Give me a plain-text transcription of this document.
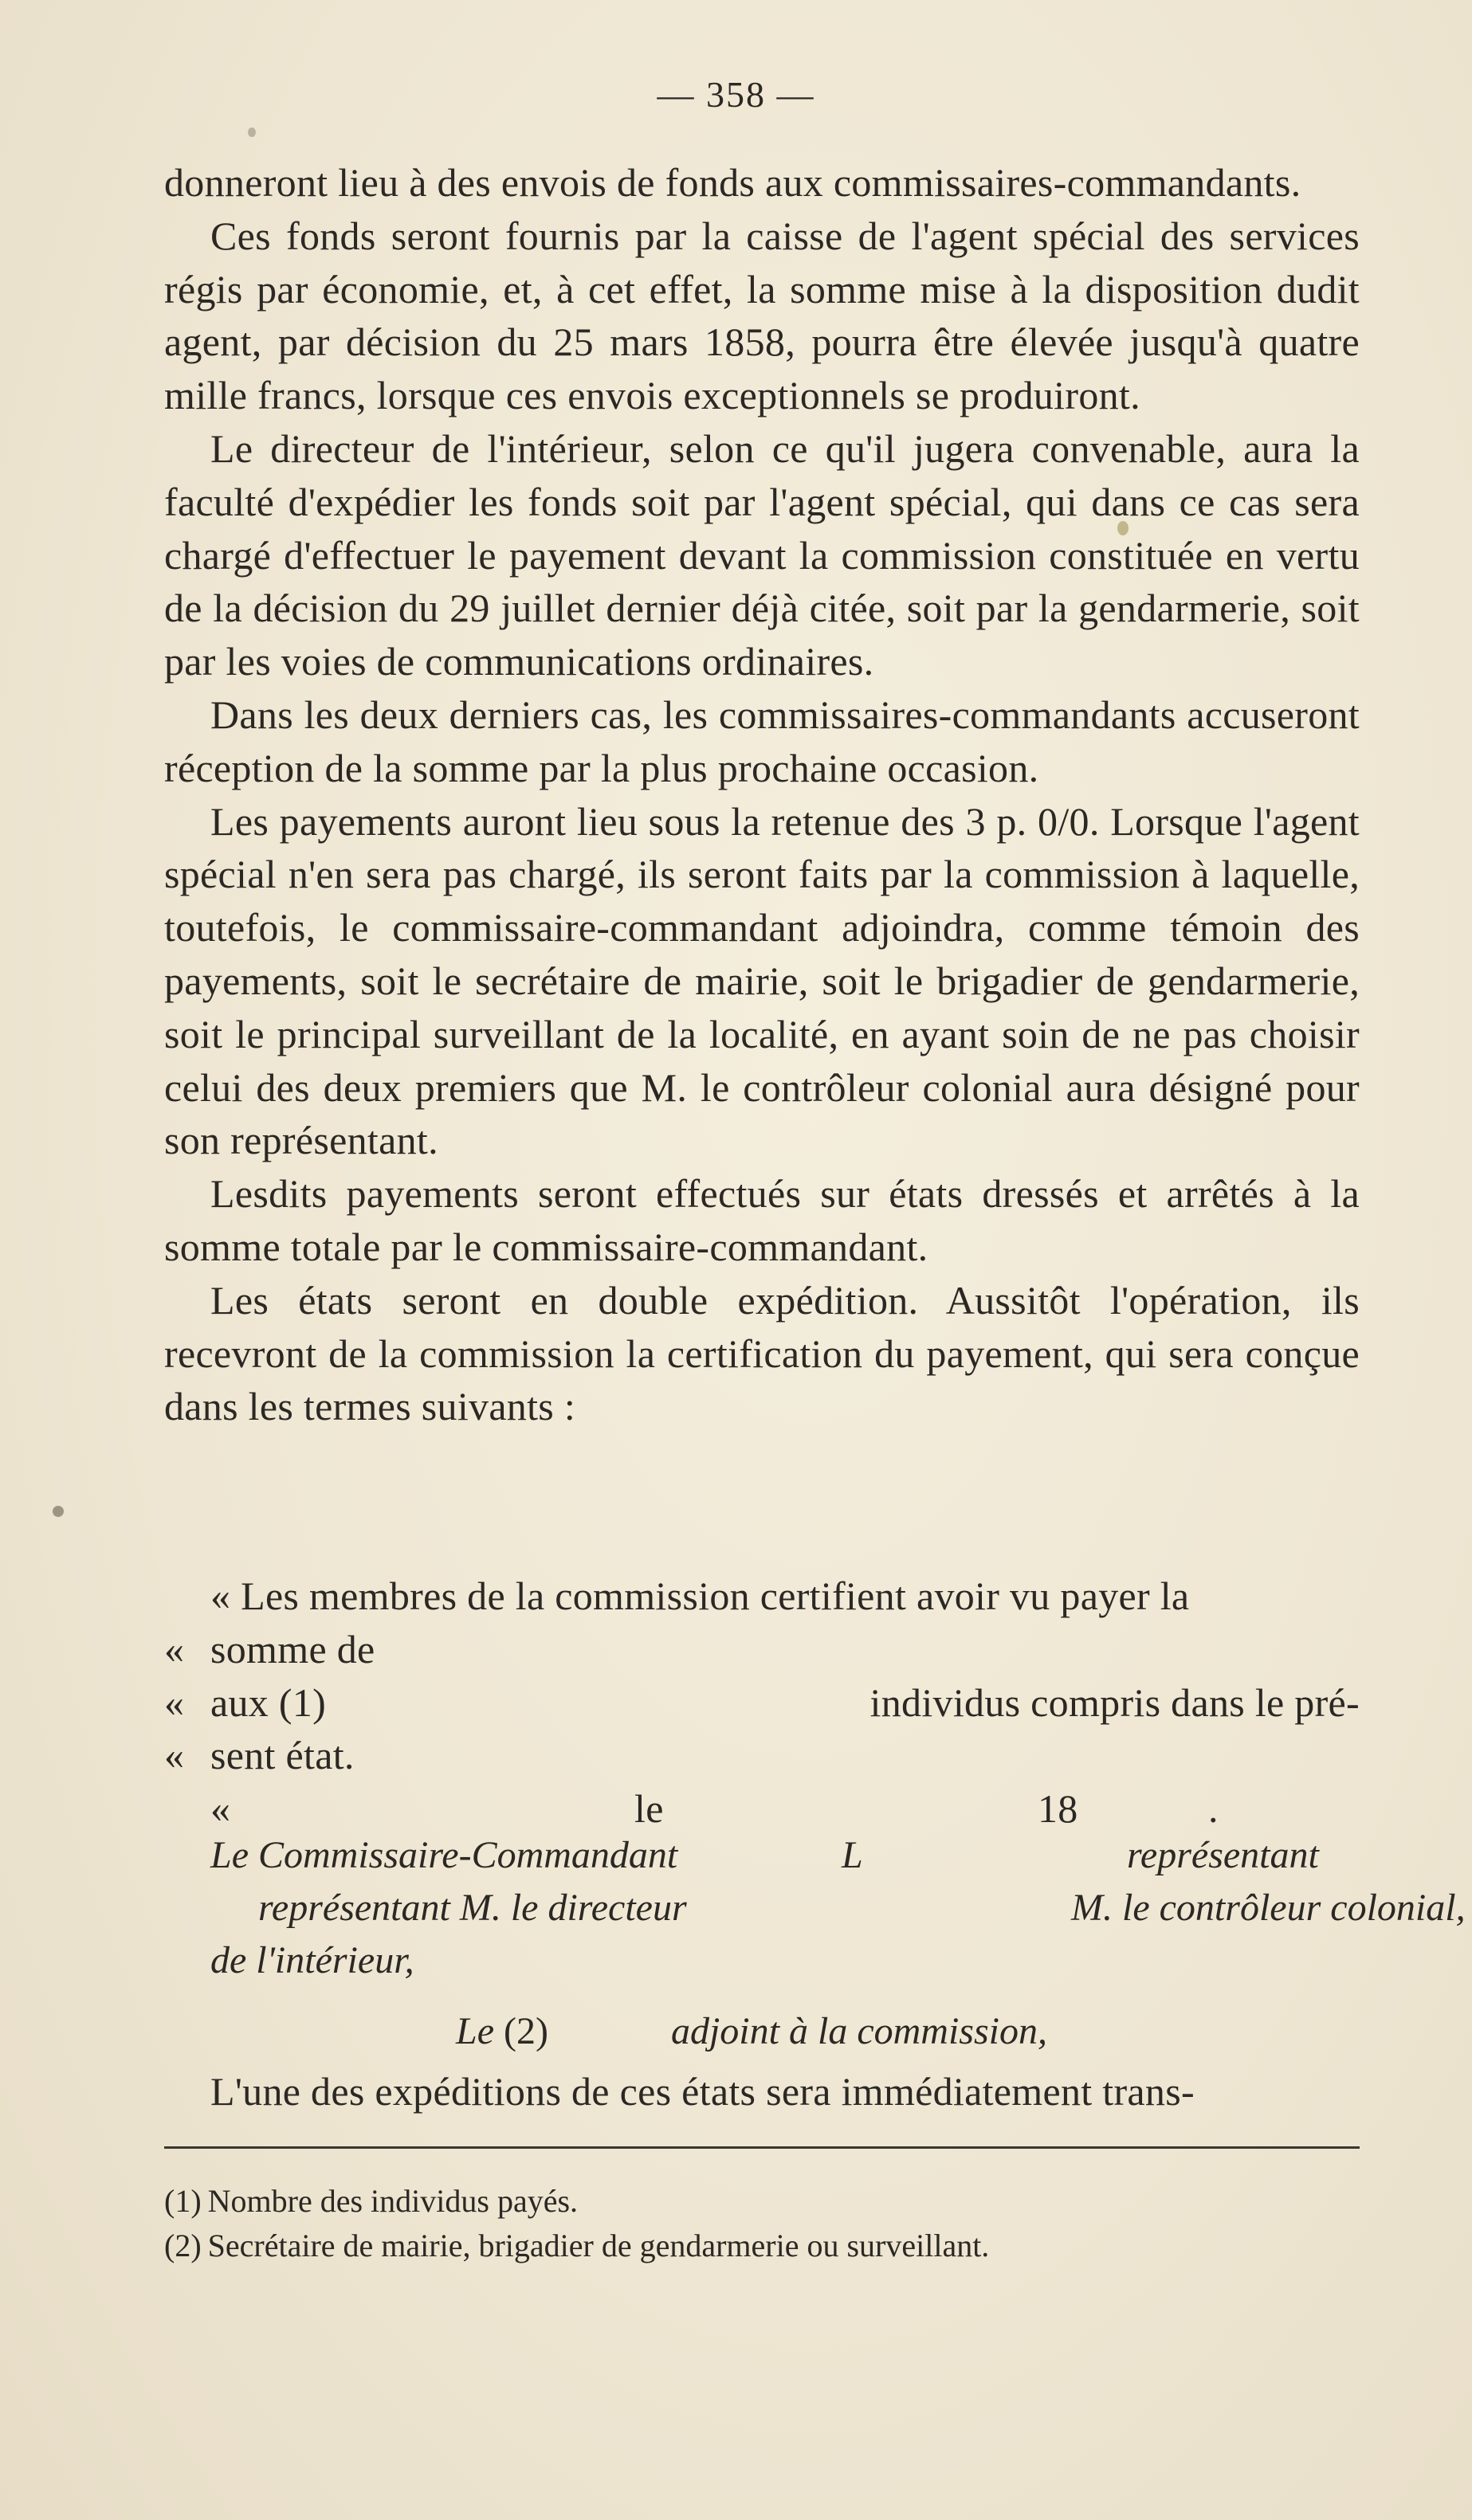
— 358 —

donneront lieu à des envois de fonds aux commissaires-commandants.

Ces fonds seront fournis par la caisse de l'agent spécial des services régis par économie, et, à cet effet, la somme mise à la disposition dudit agent, par décision du 25 mars 1858, pourra être élevée jusqu'à quatre mille francs, lorsque ces envois exceptionnels se produiront.

Le directeur de l'intérieur, selon ce qu'il jugera convenable, aura la faculté d'expédier les fonds soit par l'agent spécial, qui dans ce cas sera chargé d'effectuer le payement devant la commission constituée en vertu de la décision du 29 juillet dernier déjà citée, soit par la gendarmerie, soit par les voies de communications ordinaires.

Dans les deux derniers cas, les commissaires-commandants accuseront réception de la somme par la plus prochaine occasion.

Les payements auront lieu sous la retenue des 3 p. 0/0. Lorsque l'agent spécial n'en sera pas chargé, ils seront faits par la commission à laquelle, toutefois, le commissaire-commandant adjoindra, comme témoin des payements, soit le secrétaire de mairie, soit le brigadier de gendarmerie, soit le principal surveillant de la localité, en ayant soin de ne pas choisir celui des deux premiers que M. le contrôleur colonial aura désigné pour son représentant.

Lesdits payements seront effectués sur états dressés et arrêtés à la somme totale par le commissaire-commandant.

Les états seront en double expédition. Aussitôt l'opération, ils recevront de la commission la certification du payement, qui sera conçue dans les termes suivants :

« Les membres de la commission certifient avoir vu payer la

« somme de

« aux (1)	individus compris dans le pré-

« sent état.

«	le	18	.

Le Commissaire-Commandant
représentant M. le directeur
de l'intérieur,
L	représentant
M. le contrôleur colonial,
Le (2)	adjoint à la commission,

L'une des expéditions de ces états sera immédiatement trans-

(1) Nombre des individus payés.

(2) Secrétaire de mairie, brigadier de gendarmerie ou surveillant.
